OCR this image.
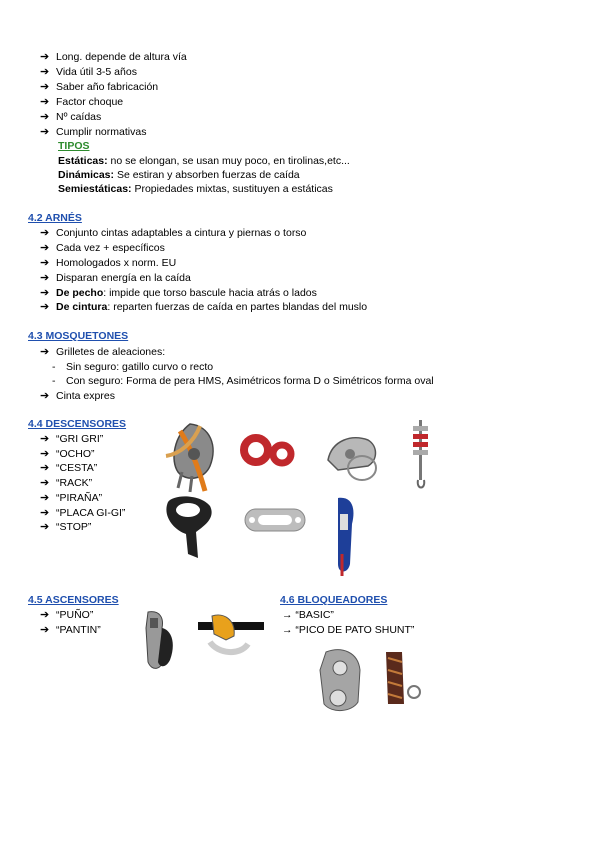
➔ Long. depende de altura vía
➔ Vida útil 3-5 años
➔ Saber año fabricación
➔ Factor choque
➔ Nº caídas
➔ Cumplir normativas
TIPOS
Estáticas: no se elongan, se usan muy poco, en tirolinas,etc...
Dinámicas: Se estiran y absorben fuerzas de caída
Semiestáticas: Propiedades mixtas, sustituyen a estáticas
4.2 ARNÉS
➔ Conjunto cintas adaptables a cintura y piernas o torso
➔ Cada vez + específicos
➔ Homologados x norm. EU
➔ Disparan energía en la caída
➔ De pecho: impide que torso bascule hacia atrás o lados
➔ De cintura: reparten fuerzas de caída en partes blandas del muslo
4.3 MOSQUETONES
➔ Grilletes de aleaciones:
- Sin seguro: gatillo curvo o recto
- Con seguro: Forma de pera HMS, Asimétricos forma D o Simétricos forma oval
➔ Cinta expres
4.4 DESCENSORES
➔ “GRI GRI”
➔ “OCHO”
➔ “CESTA”
➔ “RACK”
➔ “PIRAÑA”
➔ “PLACA GI-GI”
➔ “STOP”
4.5 ASCENSORES
➔ “PUÑO”
➔ “PANTIN”
4.6 BLOQUEADORES
→ “BASIC”
→ “PICO DE PATO SHUNT”
